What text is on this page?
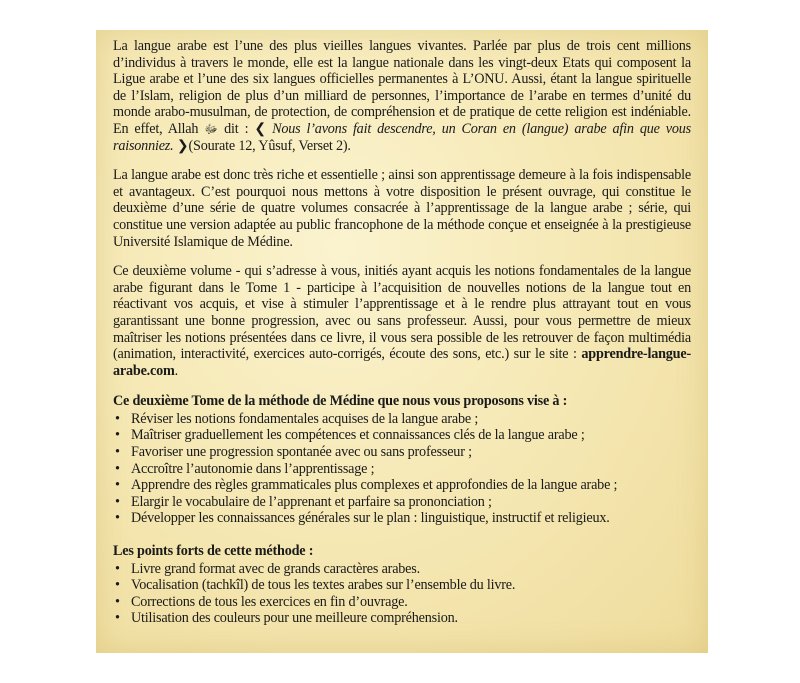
La langue arabe est l’une des plus vieilles langues vivantes. Parlée par plus de trois cent millions d’individus à travers le monde, elle est la langue nationale dans les vingt-deux Etats qui composent la Ligue arabe et l’une des six langues officielles permanentes à L’ONU. Aussi, étant la langue spirituelle de l’Islam, religion de plus d’un milliard de personnes, l’importance de l’arabe en termes d’unité du monde arabo-musulman, de protection, de compréhension et de pratique de cette religion est indéniable. En effet, Allah ﷻ dit : ❮ Nous l’avons fait descendre, un Coran en (langue) arabe afin que vous raisonniez. ❯(Sourate 12, Yûsuf, Verset 2).

La langue arabe est donc très riche et essentielle ; ainsi son apprentissage demeure à la fois indispensable et avantageux. C’est pourquoi nous mettons à votre disposition le présent ouvrage, qui constitue le deuxième d’une série de quatre volumes consacrée à l’apprentissage de la langue arabe ; série, qui constitue une version adaptée au public francophone de la méthode conçue et enseignée à la prestigieuse Université Islamique de Médine.

Ce deuxième volume - qui s’adresse à vous, initiés ayant acquis les notions fondamentales de la langue arabe figurant dans le Tome 1 - participe à l’acquisition de nouvelles notions de la langue tout en réactivant vos acquis, et vise à stimuler l’apprentissage et à le rendre plus attrayant tout en vous garantissant une bonne progression, avec ou sans professeur. Aussi, pour vous permettre de mieux maîtriser les notions présentées dans ce livre, il vous sera possible de les retrouver de façon multimédia (animation, interactivité, exercices auto-corrigés, écoute des sons, etc.) sur le site : apprendre-langue-arabe.com.

Ce deuxième Tome de la méthode de Médine que nous vous proposons vise à :
• Réviser les notions fondamentales acquises de la langue arabe ;
• Maîtriser graduellement les compétences et connaissances clés de la langue arabe ;
• Favoriser une progression spontanée avec ou sans professeur ;
• Accroître l’autonomie dans l’apprentissage ;
• Apprendre des règles grammaticales plus complexes et approfondies de la langue arabe ;
• Elargir le vocabulaire de l’apprenant et parfaire sa prononciation ;
• Développer les connaissances générales sur le plan : linguistique, instructif et religieux.
Les points forts de cette méthode :
• Livre grand format avec de grands caractères arabes.
• Vocalisation (tachkîl) de tous les textes arabes sur l’ensemble du livre.
• Corrections de tous les exercices en fin d’ouvrage.
• Utilisation des couleurs pour une meilleure compréhension.
